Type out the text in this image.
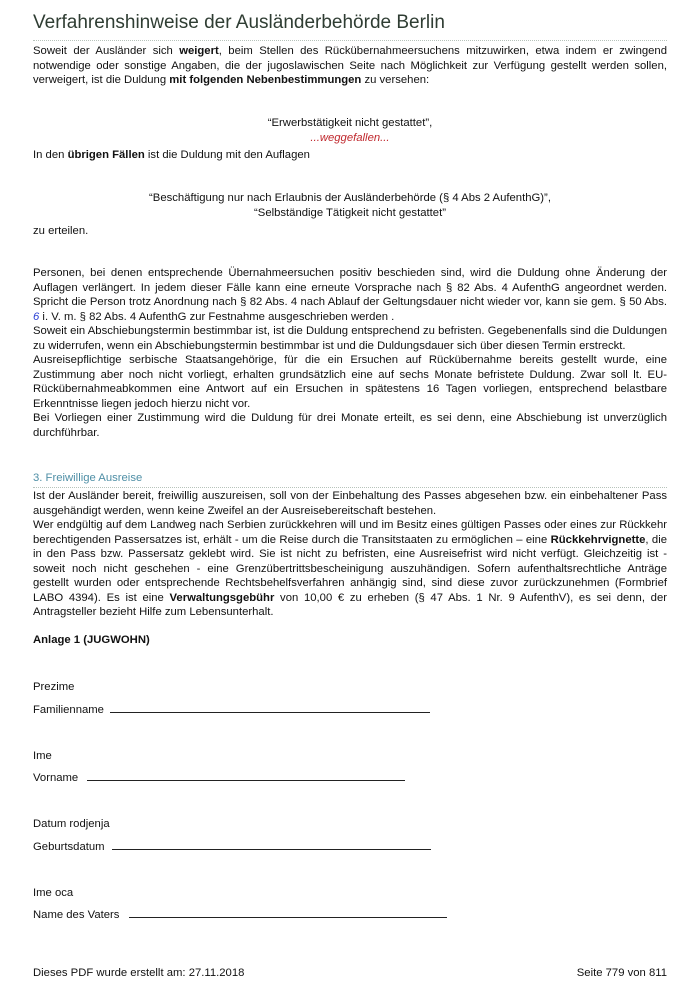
Verfahrenshinweise der Ausländerbehörde Berlin
Soweit der Ausländer sich weigert, beim Stellen des Rückübernahmeersuchens mitzuwirken, etwa indem er zwingend notwendige oder sonstige Angaben, die der jugoslawischen Seite nach Möglichkeit zur Verfügung gestellt werden sollen, verweigert, ist die Duldung mit folgenden Nebenbestimmungen zu versehen:
“Erwerbstätigkeit nicht gestattet”,
...weggefallen...
In den übrigen Fällen ist die Duldung mit den Auflagen
“Beschäftigung nur nach Erlaubnis der Ausländerbehörde (§ 4 Abs 2 AufenthG)”,
“Selbständige Tätigkeit nicht gestattet”
zu erteilen.
Personen, bei denen entsprechende Übernahmeersuchen positiv beschieden sind, wird die Duldung ohne Änderung der Auflagen verlängert. In jedem dieser Fälle kann eine erneute Vorsprache nach § 82 Abs. 4 AufenthG angeordnet werden. Spricht die Person trotz Anordnung nach § 82 Abs. 4 nach Ablauf der Geltungsdauer nicht wieder vor, kann sie gem. § 50 Abs. 6 i. V. m. § 82 Abs. 4 AufenthG zur Festnahme ausgeschrieben werden .
Soweit ein Abschiebungstermin bestimmbar ist, ist die Duldung entsprechend zu befristen. Gegebenenfalls sind die Duldungen zu widerrufen, wenn ein Abschiebungstermin bestimmbar ist und die Duldungsdauer sich über diesen Termin erstreckt.
Ausreisepflichtige serbische Staatsangehörige, für die ein Ersuchen auf Rückübernahme bereits gestellt wurde, eine Zustimmung aber noch nicht vorliegt, erhalten grundsätzlich eine auf sechs Monate befristete Duldung. Zwar soll lt. EU-Rückübernahmeabkommen eine Antwort auf ein Ersuchen in spätestens 16 Tagen vorliegen, entsprechend belastbare Erkenntnisse liegen jedoch hierzu nicht vor.
Bei Vorliegen einer Zustimmung wird die Duldung für drei Monate erteilt, es sei denn, eine Abschiebung ist unverzüglich durchführbar.
3. Freiwillige Ausreise
Ist der Ausländer bereit, freiwillig auszureisen, soll von der Einbehaltung des Passes abgesehen bzw. ein einbehaltener Pass ausgehändigt werden, wenn keine Zweifel an der Ausreisebereitschaft bestehen.
Wer endgültig auf dem Landweg nach Serbien zurückkehren will und im Besitz eines gültigen Passes oder eines zur Rückkehr berechtigenden Passersatzes ist, erhält - um die Reise durch die Transitstaaten zu ermöglichen – eine Rückkehrvignette, die in den Pass bzw. Passersatz geklebt wird. Sie ist nicht zu befristen, eine Ausreisefrist wird nicht verfügt. Gleichzeitig ist - soweit noch nicht geschehen - eine Grenzübertrittsbescheinigung auszuhändigen. Sofern aufenthaltsrechtliche Anträge gestellt wurden oder entsprechende Rechtsbehelfsverfahren anhängig sind, sind diese zuvor zurückzunehmen (Formbrief LABO 4394). Es ist eine Verwaltungsgebühr von 10,00 € zu erheben (§ 47 Abs. 1 Nr. 9 AufenthV), es sei denn, der Antragsteller bezieht Hilfe zum Lebensunterhalt.
Anlage 1 (JUGWOHN)
Prezime
Familienname
Ime
Vorname
Datum rodjenja
Geburtsdatum
Ime oca
Name des Vaters
Dieses PDF wurde erstellt am: 27.11.2018	Seite 779 von 811
